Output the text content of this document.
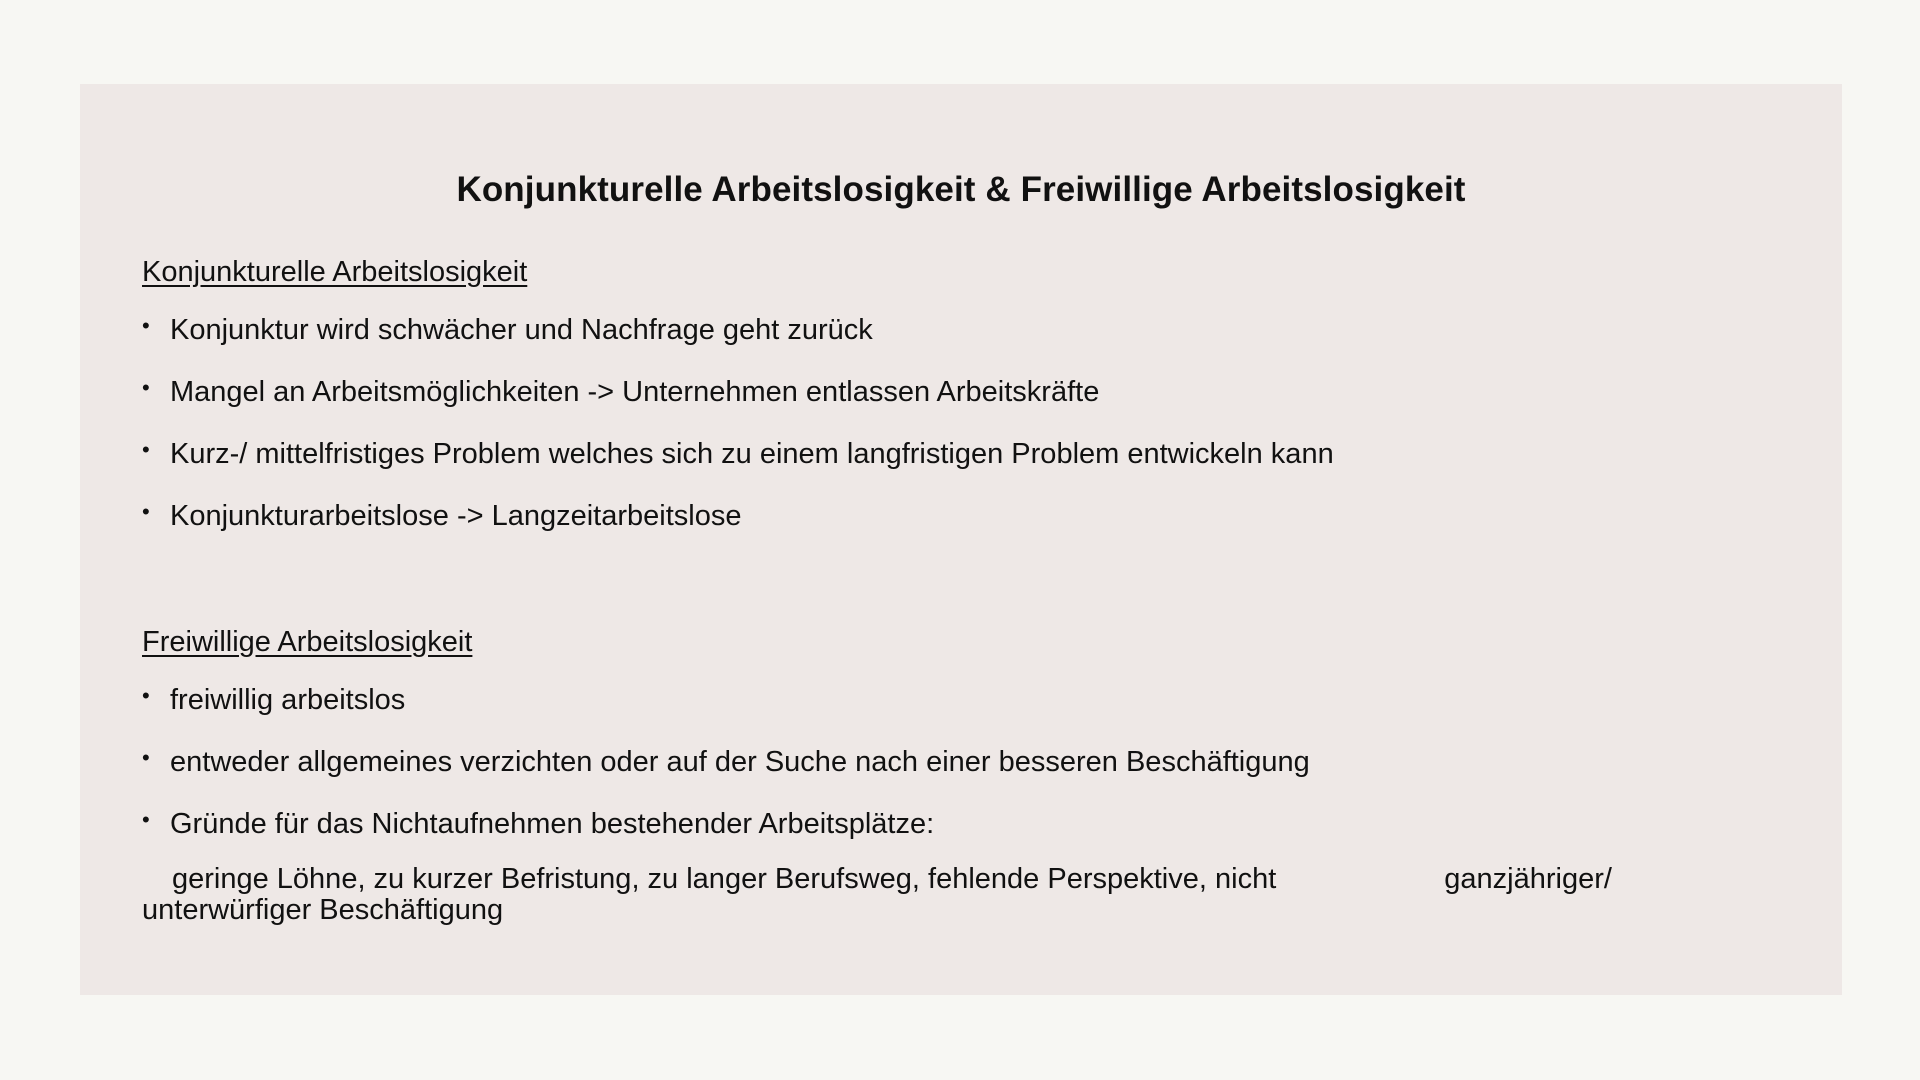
Konjunkturelle Arbeitslosigkeit & Freiwillige Arbeitslosigkeit
Konjunkturelle Arbeitslosigkeit
• Konjunktur wird schwächer und Nachfrage geht zurück
• Mangel an Arbeitsmöglichkeiten -> Unternehmen entlassen Arbeitskräfte
• Kurz-/ mittelfristiges Problem welches sich zu einem langfristigen Problem entwickeln kann
• Konjunkturarbeitslose -> Langzeitarbeitslose
Freiwillige Arbeitslosigkeit
• freiwillig arbeitslos
• entweder allgemeines verzichten oder auf der Suche nach einer besseren Beschäftigung
• Gründe für das Nichtaufnehmen bestehender Arbeitsplätze:
geringe Löhne, zu kurzer Befristung, zu langer Berufsweg, fehlende Perspektive, nicht	ganzjähriger/
unterwürfiger Beschäftigung
